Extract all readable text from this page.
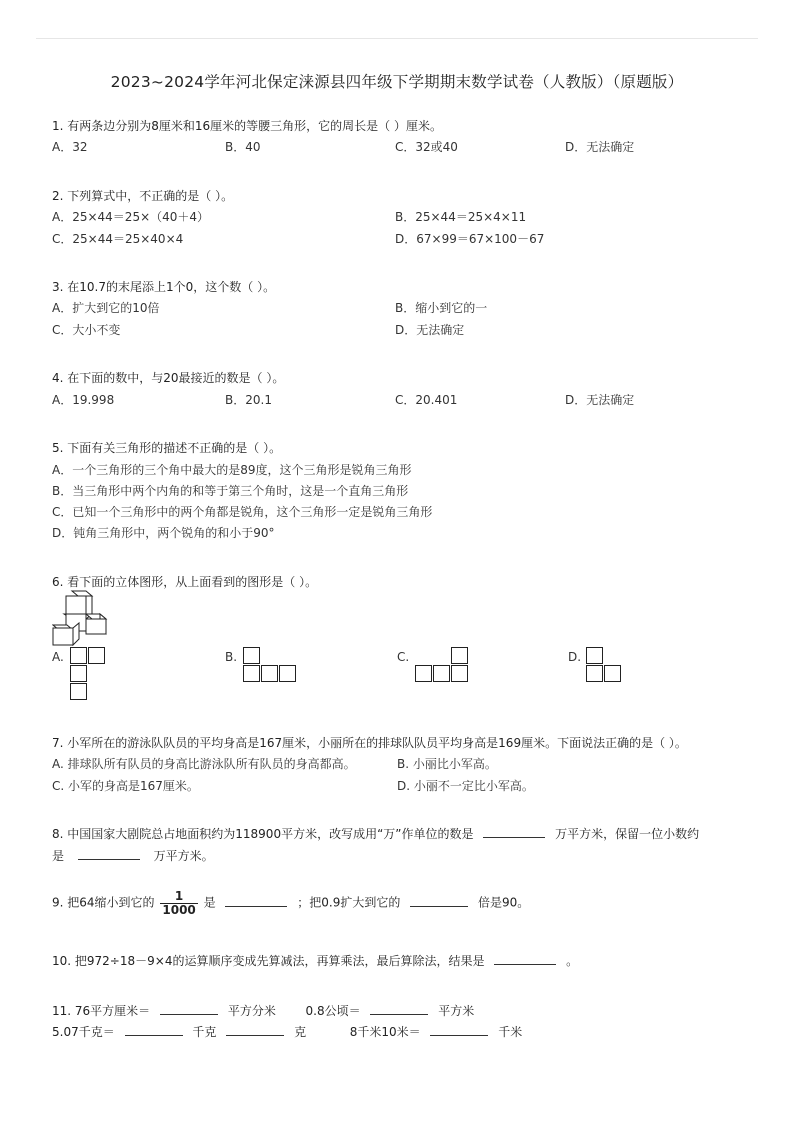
2023~2024学年河北保定涞源县四年级下学期期末数学试卷（人教版）（原题版）
1. 有两条边分别为8厘米和16厘米的等腰三角形，它的周长是（ ）厘米。
A．32	B．40	C．32或40	D．无法确定
2. 下列算式中，不正确的是（ ）。
A．25×44＝25×（40＋4）	B．25×44＝25×4×11
C．25×44＝25×40×4	D．67×99＝67×100－67
3. 在10.7的末尾添上1个0，这个数（ ）。
A．扩大到它的10倍	B．缩小到它的一
C．大小不变	D．无法确定
4. 在下面的数中，与20最接近的数是（ ）。
A．19.998	B．20.1	C．20.401	D．无法确定
5. 下面有关三角形的描述不正确的是（ ）。
A．一个三角形的三个角中最大的是89度，这个三角形是锐角三角形
B．当三角形中两个内角的和等于第三个角时，这是一个直角三角形
C．已知一个三角形中的两个角都是锐角，这个三角形一定是锐角三角形
D．钝角三角形中，两个锐角的和小于90°
6. 看下面的立体图形，从上面看到的图形是（ ）。
A.	B.	C.	D.
7. 小军所在的游泳队队员的平均身高是167厘米，小丽所在的排球队队员平均身高是169厘米。下面说法正确的是（ ）。
A. 排球队所有队员的身高比游泳队所有队员的身高都高。	B. 小丽比小军高。
C. 小军的身高是167厘米。	D. 小丽不一定比小军高。
8. 中国国家大剧院总占地面积约为118900平方米，改写成用“万”作单位的数是	万平方米，保留一位小数约
是	万平方米。
9. 把64缩小到它的 $\frac{1}{1000}$ 是	；把0.9扩大到它的	倍是90。
10. 把972÷18－9×4的运算顺序变成先算减法，再算乘法，最后算除法，结果是	。
11. 76平方厘米＝	平方分米 0.8公顷＝	平方米
5.07千克＝	千克	克	8千米10米＝	千米
